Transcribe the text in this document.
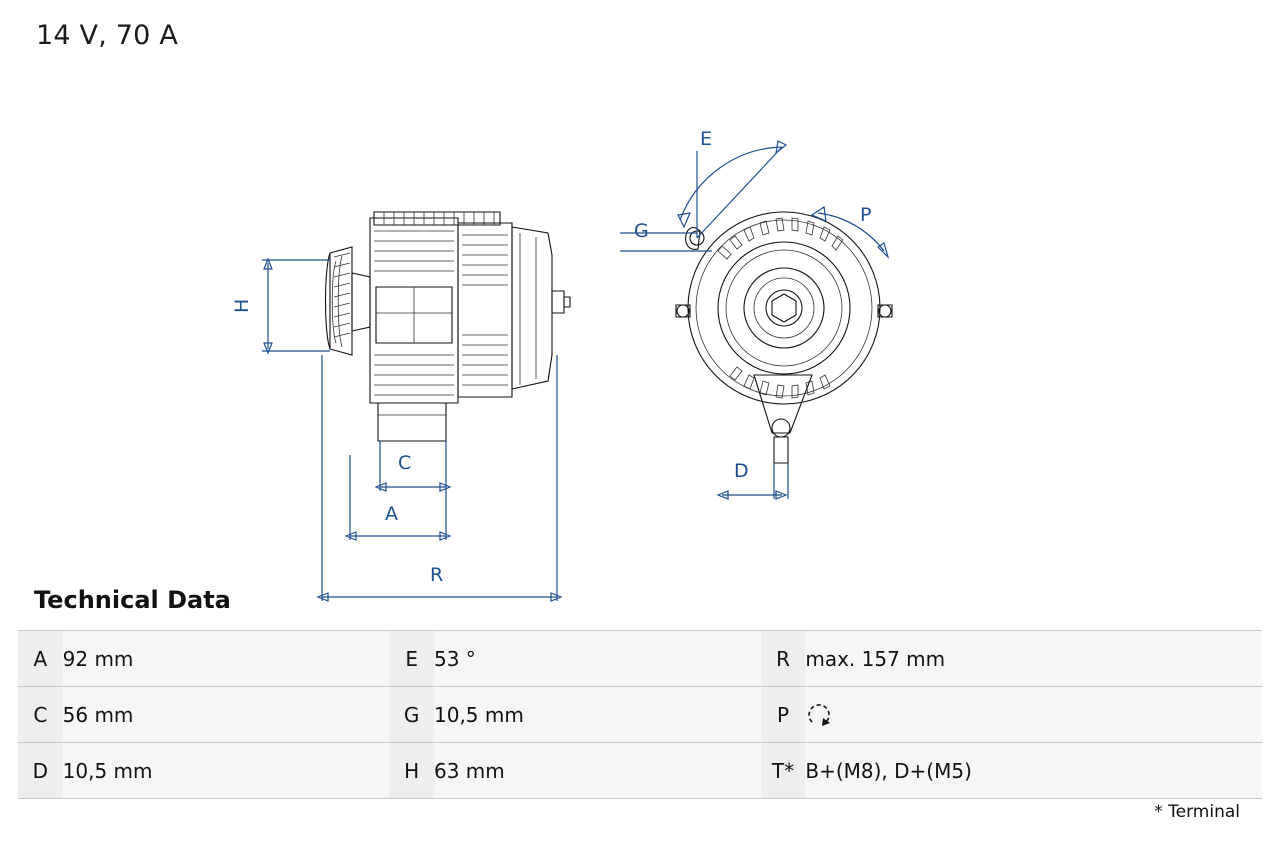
14 V, 70 A
H
C
A
R
E
G
P
D
Technical Data
A	92 mm	E	53 °	R	max. 157 mm
C	56 mm	G	10,5 mm	P	

D	10,5 mm	H	63 mm	T*	B+(M8), D+(M5)
* Terminal
